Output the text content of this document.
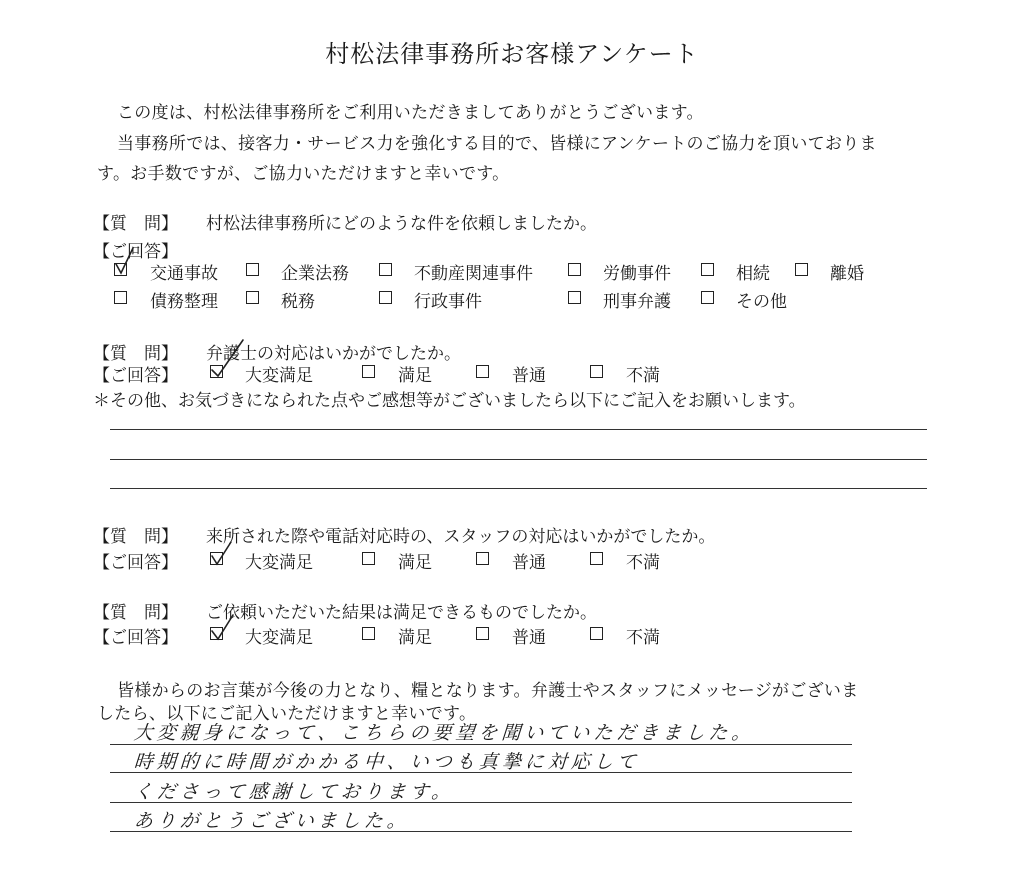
村松法律事務所お客様アンケート
この度は、村松法律事務所をご利用いただきましてありがとうございます。
当事務所では、接客力・サービス力を強化する目的で、皆様にアンケートのご協力を頂いておりま
す。お手数ですが、ご協力いただけますと幸いです。
【質　問】 村松法律事務所にどのような件を依頼しましたか。
【ご回答】
交通事故	企業法務	不動産関連事件	労働事件	相続	離婚
債務整理	税務	行政事件	刑事弁護	その他
【質　問】 弁護士の対応はいかがでしたか。
【ご回答】	大変満足	満足	普通	不満
＊その他、お気づきになられた点やご感想等がございましたら以下にご記入をお願いします。
【質　問】 来所された際や電話対応時の、スタッフの対応はいかがでしたか。
【ご回答】	大変満足	満足	普通	不満
【質　問】 ご依頼いただいた結果は満足できるものでしたか。
【ご回答】	大変満足	満足	普通	不満
皆様からのお言葉が今後の力となり、糧となります。弁護士やスタッフにメッセージがございま
したら、以下にご記入いただけますと幸いです。
大変親身になって、こちらの要望を聞いていただきました。
時期的に時間がかかる中、いつも真摯に対応して
くださって感謝しております。
ありがとうございました。
